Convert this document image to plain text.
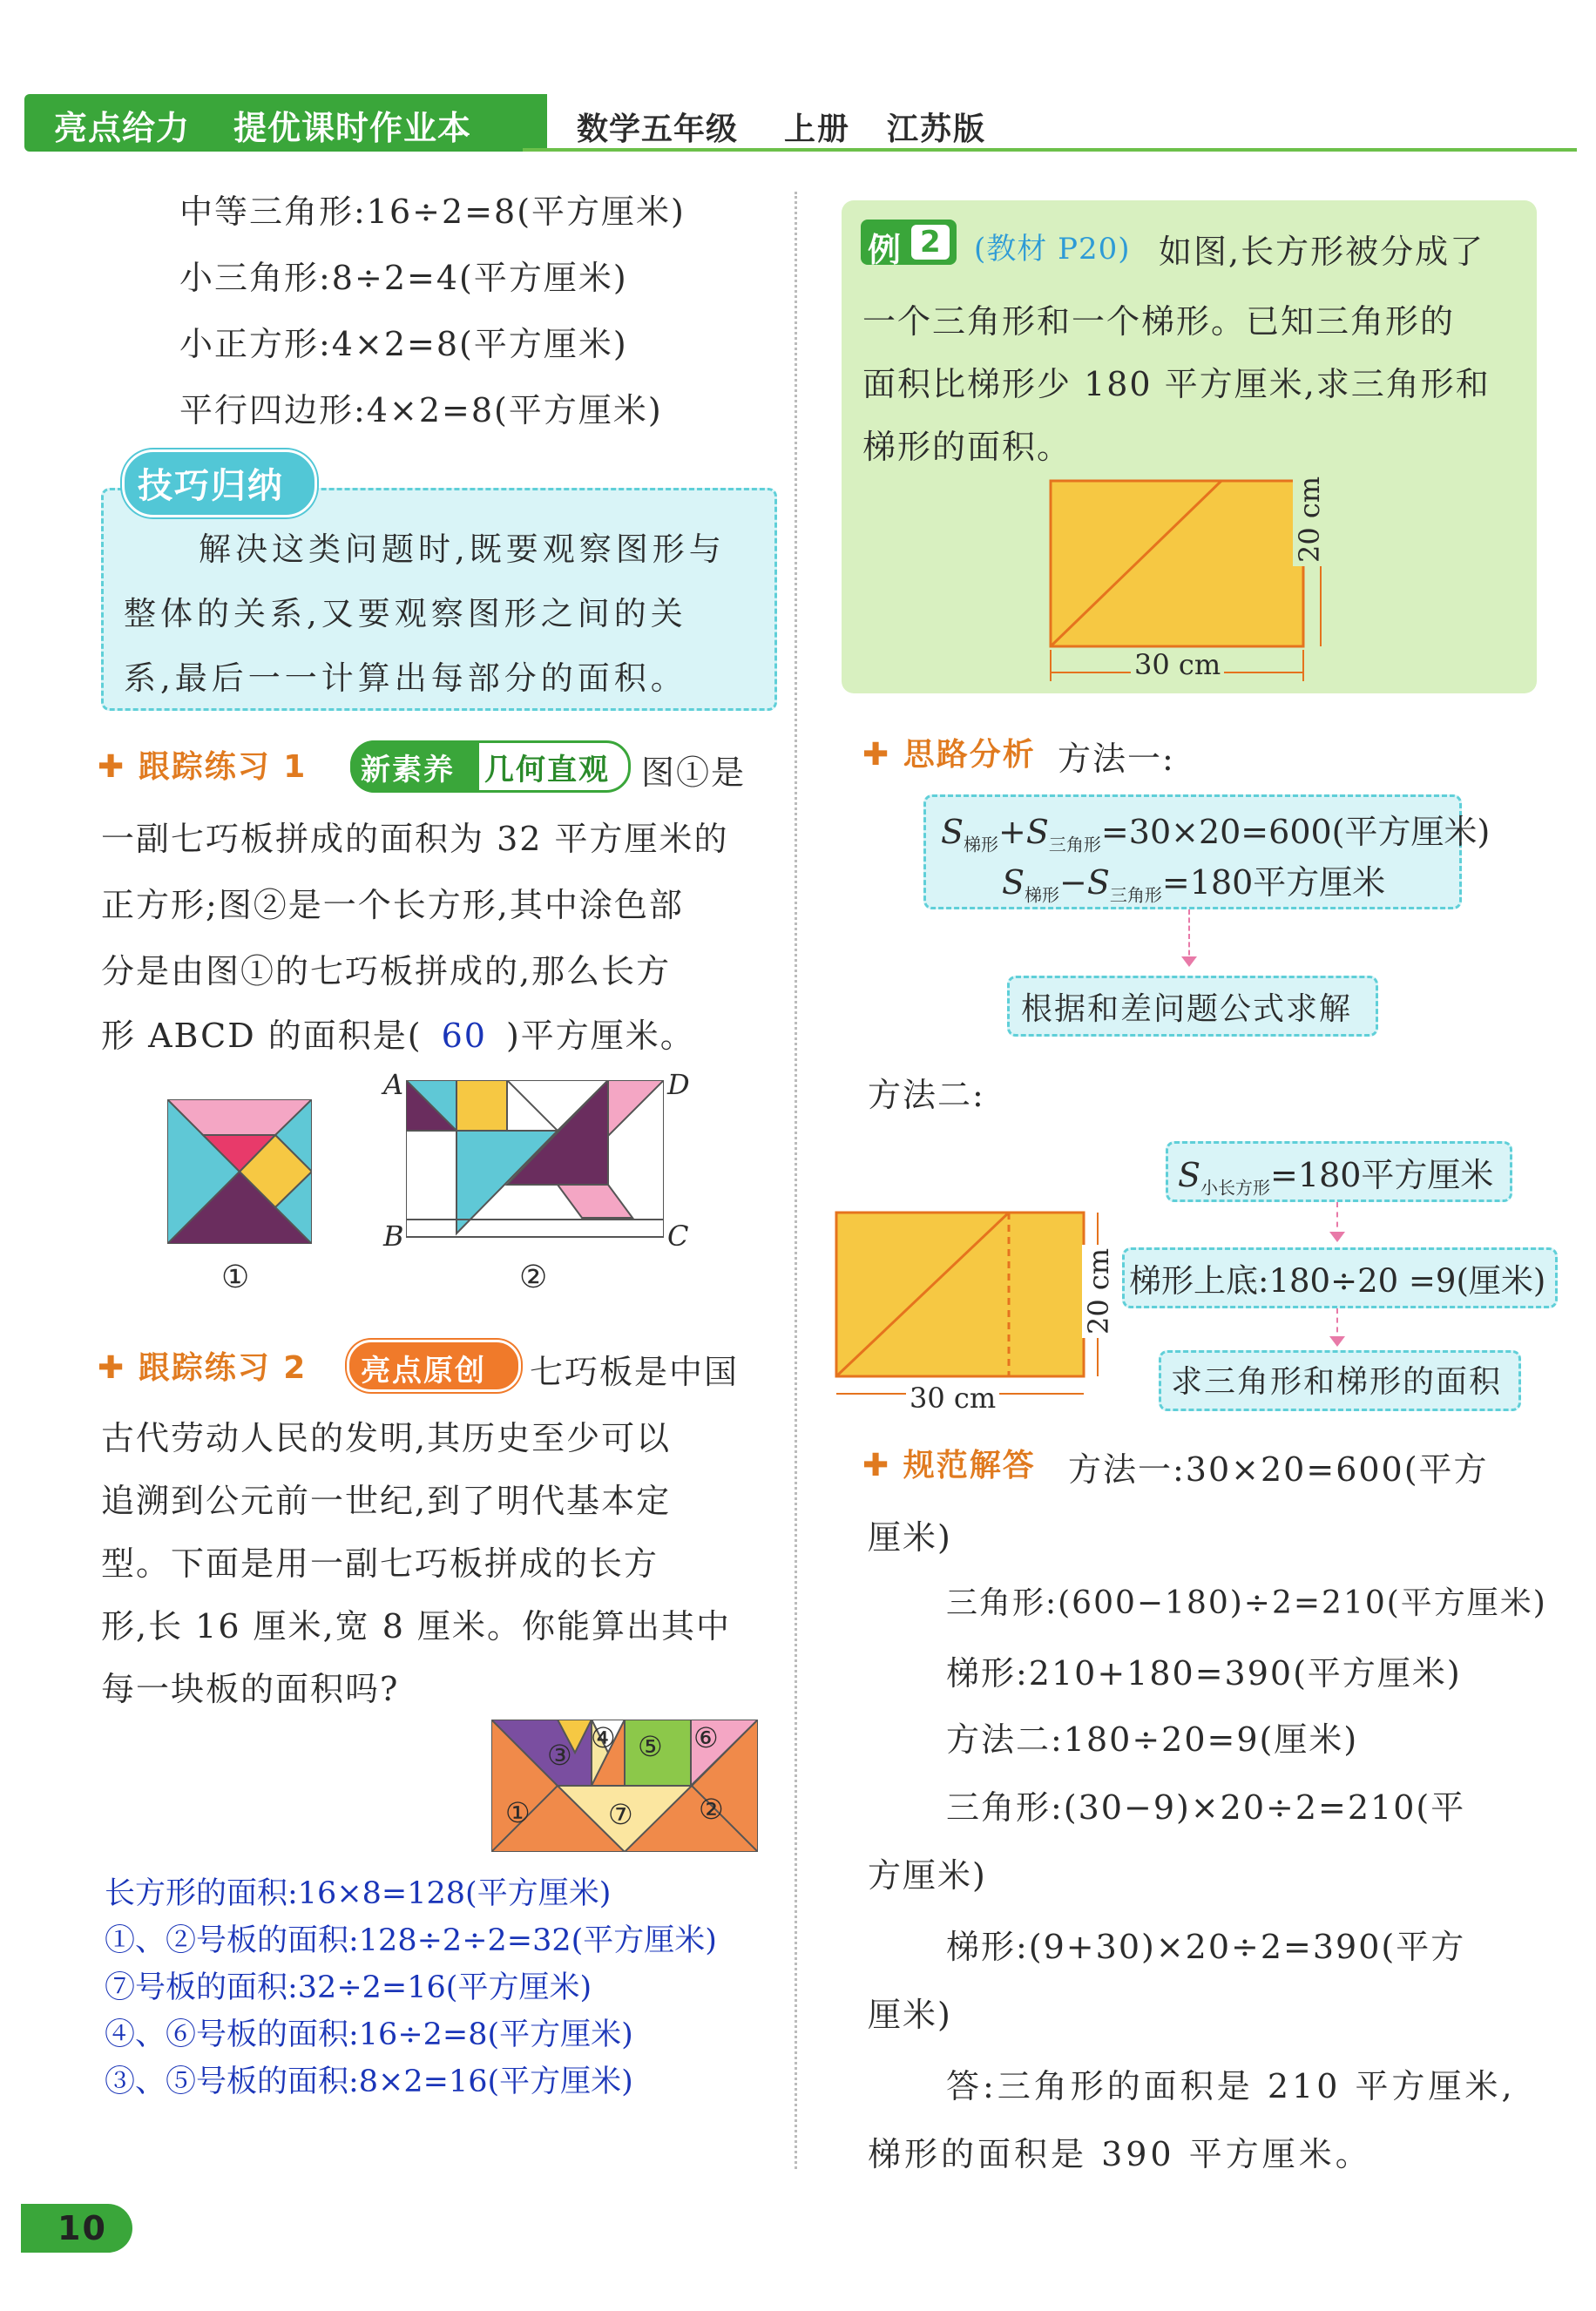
亮点给力 提优课时作业本	数学五年级 上册 江苏版
中等三角形:16÷2=8(平方厘米)
小三角形:8÷2=4(平方厘米)
小正方形:4×2=8(平方厘米)
平行四边形:4×2=8(平方厘米)
技巧归纳
解决这类问题时,既要观察图形与
整体的关系,又要观察图形之间的关
系,最后一一计算出每部分的面积。
✚ 跟踪练习 1 新素养 几何直观 图①是
一副七巧板拼成的面积为 32 平方厘米的
正方形;图②是一个长方形,其中涂色部
分是由图①的七巧板拼成的,那么长方
形 ABCD 的面积是( 60 )平方厘米。
①
A	D
B	C
②
✚ 跟踪练习 2 亮点原创 七巧板是中国
古代劳动人民的发明,其历史至少可以
追溯到公元前一世纪,到了明代基本定
型。下面是用一副七巧板拼成的长方
形,长 16 厘米,宽 8 厘米。你能算出其中
每一块板的面积吗?
①	②
③
④ ⑤ ⑥
⑦
长方形的面积:16×8=128(平方厘米)
①、②号板的面积:128÷2÷2=32(平方厘米)
⑦号板的面积:32÷2=16(平方厘米)
④、⑥号板的面积:16÷2=8(平方厘米)
③、⑤号板的面积:8×2=16(平方厘米)
例 2 (教材 P20) 如图,长方形被分成了
一个三角形和一个梯形。已知三角形的
面积比梯形少 180 平方厘米,求三角形和
梯形的面积。
30 cm
20 cm
✚ 思路分析 方法一:
$S_{梯形}+S_{三角形}=30\times 20=600$(平方厘米)
$S_{梯形}-S_{三角形}=180$平方厘米
根据和差问题公式求解
方法二:
$S_{小长方形}=180$平方厘米
梯形上底:180÷20 =9(厘米)
求三角形和梯形的面积
30 cm
20 cm
✚ 规范解答 方法一:30×20=600(平方
厘米)
三角形:(600−180)÷2=210(平方厘米)
梯形:210+180=390(平方厘米)
方法二:180÷20=9(厘米)
三角形:(30−9)×20÷2=210(平
方厘米)
梯形:(9+30)×20÷2=390(平方
厘米)
答:三角形的面积是 210 平方厘米,
梯形的面积是 390 平方厘米。
10
